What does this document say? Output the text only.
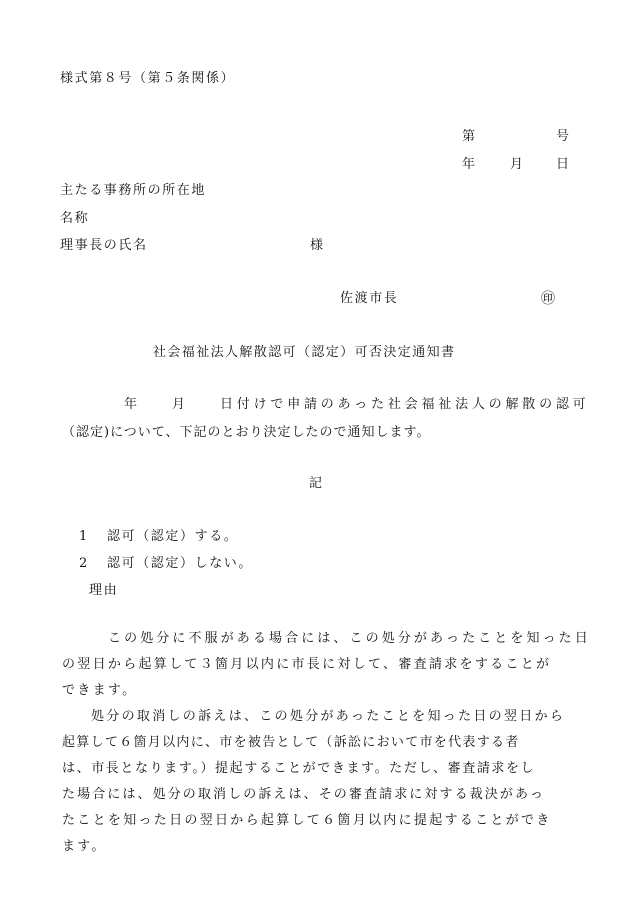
様式第８号（第５条関係）
第	号
年	月 日
主たる事務所の所在地
名称
理事長の氏名	様
佐渡市長	㊞
社会福祉法人解散認可（認定）可否決定通知書
年	月	日付けで申請のあった社会福祉法人の解散の認可
（認定)について、下記のとおり決定したので通知します。
記
1 認可（認定）する。
2 認可（認定）しない。
理由
この処分に不服がある場合には、この処分があったことを知った日
の翌日から起算して３箇月以内に市長に対して、審査請求をすることが
できます。
処分の取消しの訴えは、この処分があったことを知った日の翌日から
起算して６箇月以内に、市を被告として（訴訟において市を代表する者
は、市長となります。）提起することができます。ただし、審査請求をし
た場合には、処分の取消しの訴えは、その審査請求に対する裁決があっ
たことを知った日の翌日から起算して６箇月以内に提起することができ
ます。
